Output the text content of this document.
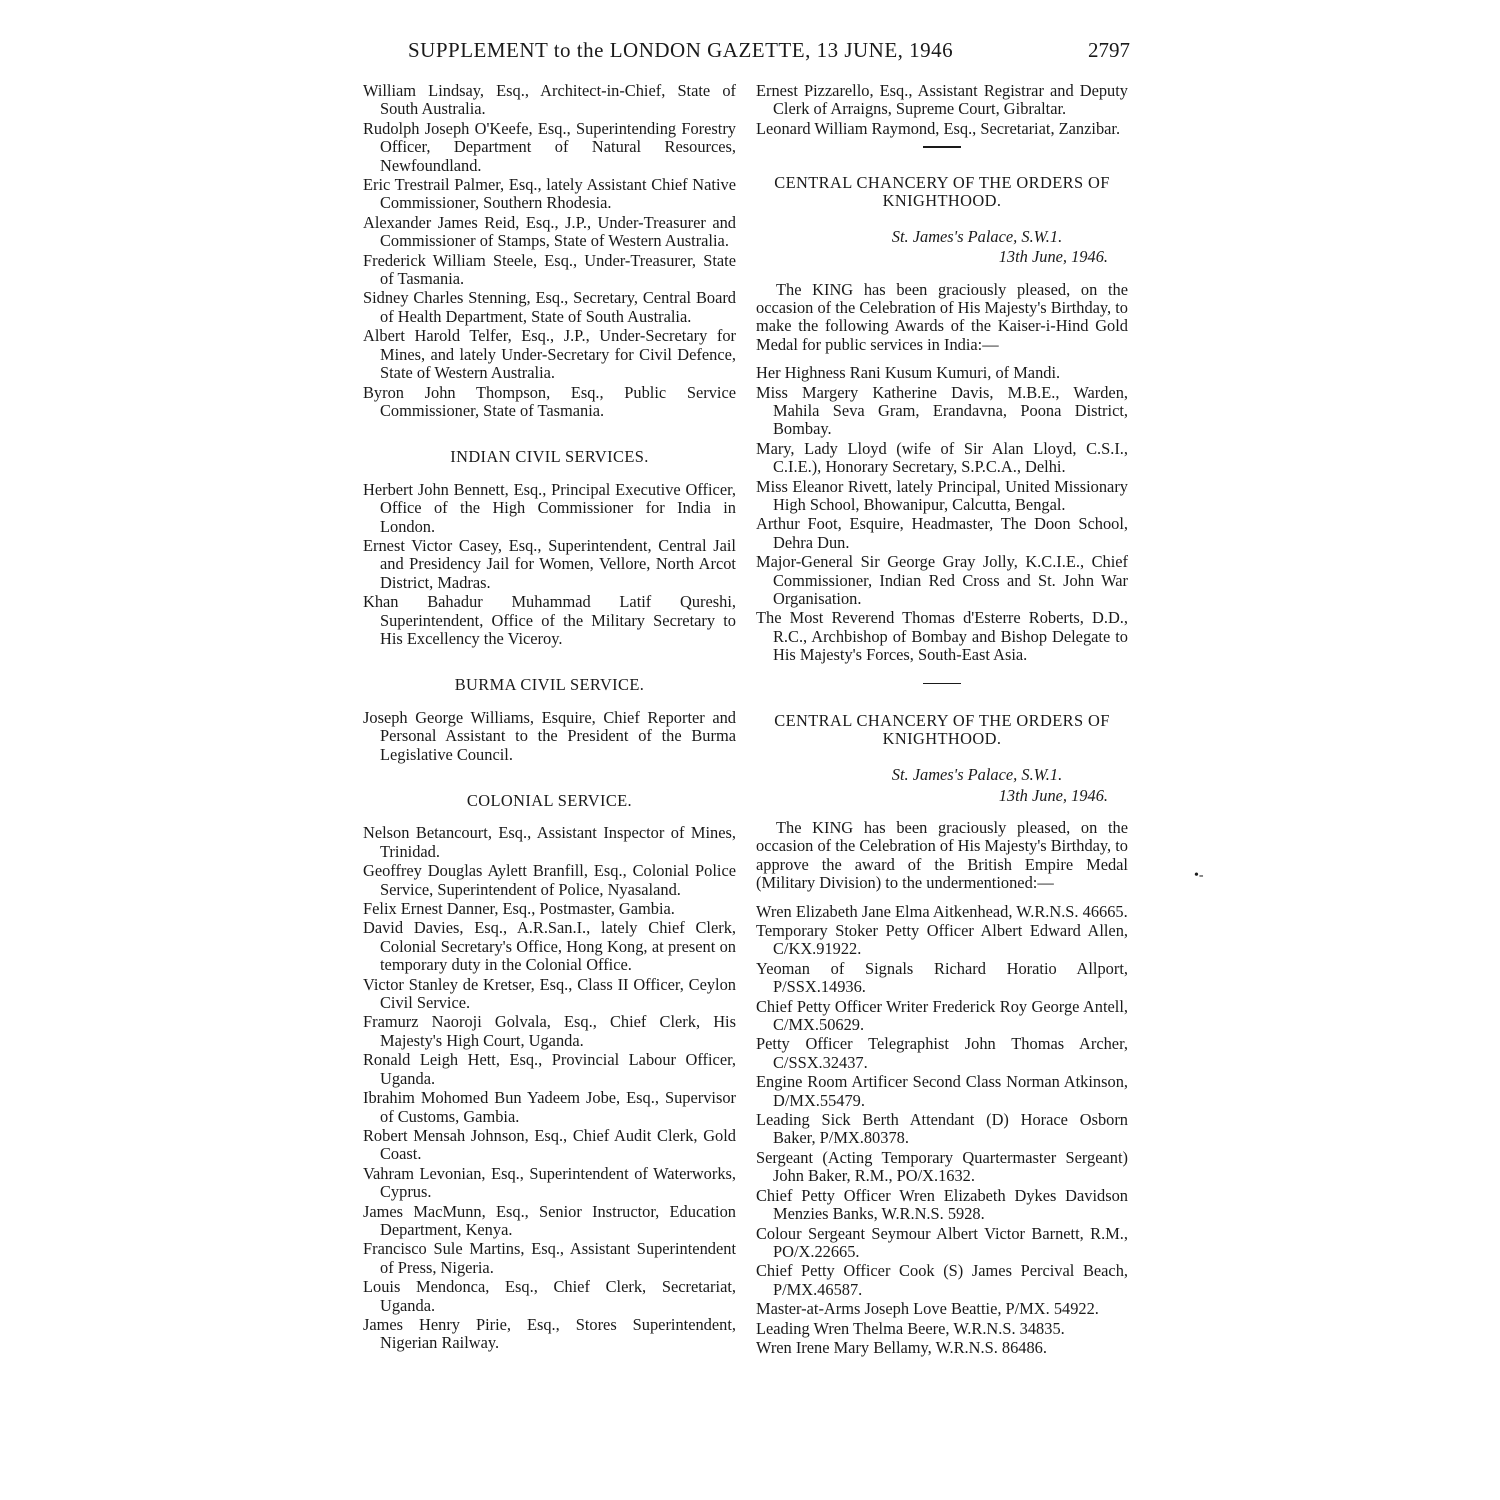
SUPPLEMENT to the LONDON GAZETTE, 13 JUNE, 1946	2797

William Lindsay, Esq., Architect-in-Chief, State of South Australia.

Rudolph Joseph O'Keefe, Esq., Superintending Forestry Officer, Department of Natural Resources, Newfoundland.

Eric Trestrail Palmer, Esq., lately Assistant Chief Native Commissioner, Southern Rhodesia.

Alexander James Reid, Esq., J.P., Under-Treasurer and Commissioner of Stamps, State of Western Australia.

Frederick William Steele, Esq., Under-Treasurer, State of Tasmania.

Sidney Charles Stenning, Esq., Secretary, Central Board of Health Department, State of South Australia.

Albert Harold Telfer, Esq., J.P., Under-Secretary for Mines, and lately Under-Secretary for Civil Defence, State of Western Australia.

Byron John Thompson, Esq., Public Service Commissioner, State of Tasmania.

INDIAN CIVIL SERVICES.

Herbert John Bennett, Esq., Principal Executive Officer, Office of the High Commissioner for India in London.

Ernest Victor Casey, Esq., Superintendent, Central Jail and Presidency Jail for Women, Vellore, North Arcot District, Madras.

Khan Bahadur Muhammad Latif Qureshi, Superintendent, Office of the Military Secretary to His Excellency the Viceroy.

BURMA CIVIL SERVICE.

Joseph George Williams, Esquire, Chief Reporter and Personal Assistant to the President of the Burma Legislative Council.

COLONIAL SERVICE.

Nelson Betancourt, Esq., Assistant Inspector of Mines, Trinidad.

Geoffrey Douglas Aylett Branfill, Esq., Colonial Police Service, Superintendent of Police, Nyasaland.

Felix Ernest Danner, Esq., Postmaster, Gambia.

David Davies, Esq., A.R.San.I., lately Chief Clerk, Colonial Secretary's Office, Hong Kong, at present on temporary duty in the Colonial Office.

Victor Stanley de Kretser, Esq., Class II Officer, Ceylon Civil Service.

Framurz Naoroji Golvala, Esq., Chief Clerk, His Majesty's High Court, Uganda.

Ronald Leigh Hett, Esq., Provincial Labour Officer, Uganda.

Ibrahim Mohomed Bun Yadeem Jobe, Esq., Supervisor of Customs, Gambia.

Robert Mensah Johnson, Esq., Chief Audit Clerk, Gold Coast.

Vahram Levonian, Esq., Superintendent of Waterworks, Cyprus.

James MacMunn, Esq., Senior Instructor, Education Department, Kenya.

Francisco Sule Martins, Esq., Assistant Superintendent of Press, Nigeria.

Louis Mendonca, Esq., Chief Clerk, Secretariat, Uganda.

James Henry Pirie, Esq., Stores Superintendent, Nigerian Railway.

Ernest Pizzarello, Esq., Assistant Registrar and Deputy Clerk of Arraigns, Supreme Court, Gibraltar.

Leonard William Raymond, Esq., Secretariat, Zanzibar.

CENTRAL CHANCERY OF THE ORDERS OF KNIGHTHOOD.

St. James's Palace, S.W.1.

13th June, 1946.

The KING has been graciously pleased, on the occasion of the Celebration of His Majesty's Birthday, to make the following Awards of the Kaiser-i-Hind Gold Medal for public services in India:—

Her Highness Rani Kusum Kumuri, of Mandi.

Miss Margery Katherine Davis, M.B.E., Warden, Mahila Seva Gram, Erandavna, Poona District, Bombay.

Mary, Lady Lloyd (wife of Sir Alan Lloyd, C.S.I., C.I.E.), Honorary Secretary, S.P.C.A., Delhi.

Miss Eleanor Rivett, lately Principal, United Missionary High School, Bhowanipur, Calcutta, Bengal.

Arthur Foot, Esquire, Headmaster, The Doon School, Dehra Dun.

Major-General Sir George Gray Jolly, K.C.I.E., Chief Commissioner, Indian Red Cross and St. John War Organisation.

The Most Reverend Thomas d'Esterre Roberts, D.D., R.C., Archbishop of Bombay and Bishop Delegate to His Majesty's Forces, South-East Asia.

CENTRAL CHANCERY OF THE ORDERS OF KNIGHTHOOD.

St. James's Palace, S.W.1.

13th June, 1946.

The KING has been graciously pleased, on the occasion of the Celebration of His Majesty's Birthday, to approve the award of the British Empire Medal (Military Division) to the undermentioned:—

Wren Elizabeth Jane Elma Aitkenhead, W.R.N.S. 46665.

Temporary Stoker Petty Officer Albert Edward Allen, C/KX.91922.

Yeoman of Signals Richard Horatio Allport, P/SSX.14936.

Chief Petty Officer Writer Frederick Roy George Antell, C/MX.50629.

Petty Officer Telegraphist John Thomas Archer, C/SSX.32437.

Engine Room Artificer Second Class Norman Atkinson, D/MX.55479.

Leading Sick Berth Attendant (D) Horace Osborn Baker, P/MX.80378.

Sergeant (Acting Temporary Quartermaster Sergeant) John Baker, R.M., PO/X.1632.

Chief Petty Officer Wren Elizabeth Dykes Davidson Menzies Banks, W.R.N.S. 5928.

Colour Sergeant Seymour Albert Victor Barnett, R.M., PO/X.22665.

Chief Petty Officer Cook (S) James Percival Beach, P/MX.46587.

Master-at-Arms Joseph Love Beattie, P/MX. 54922.

Leading Wren Thelma Beere, W.R.N.S. 34835.

Wren Irene Mary Bellamy, W.R.N.S. 86486.

•-
